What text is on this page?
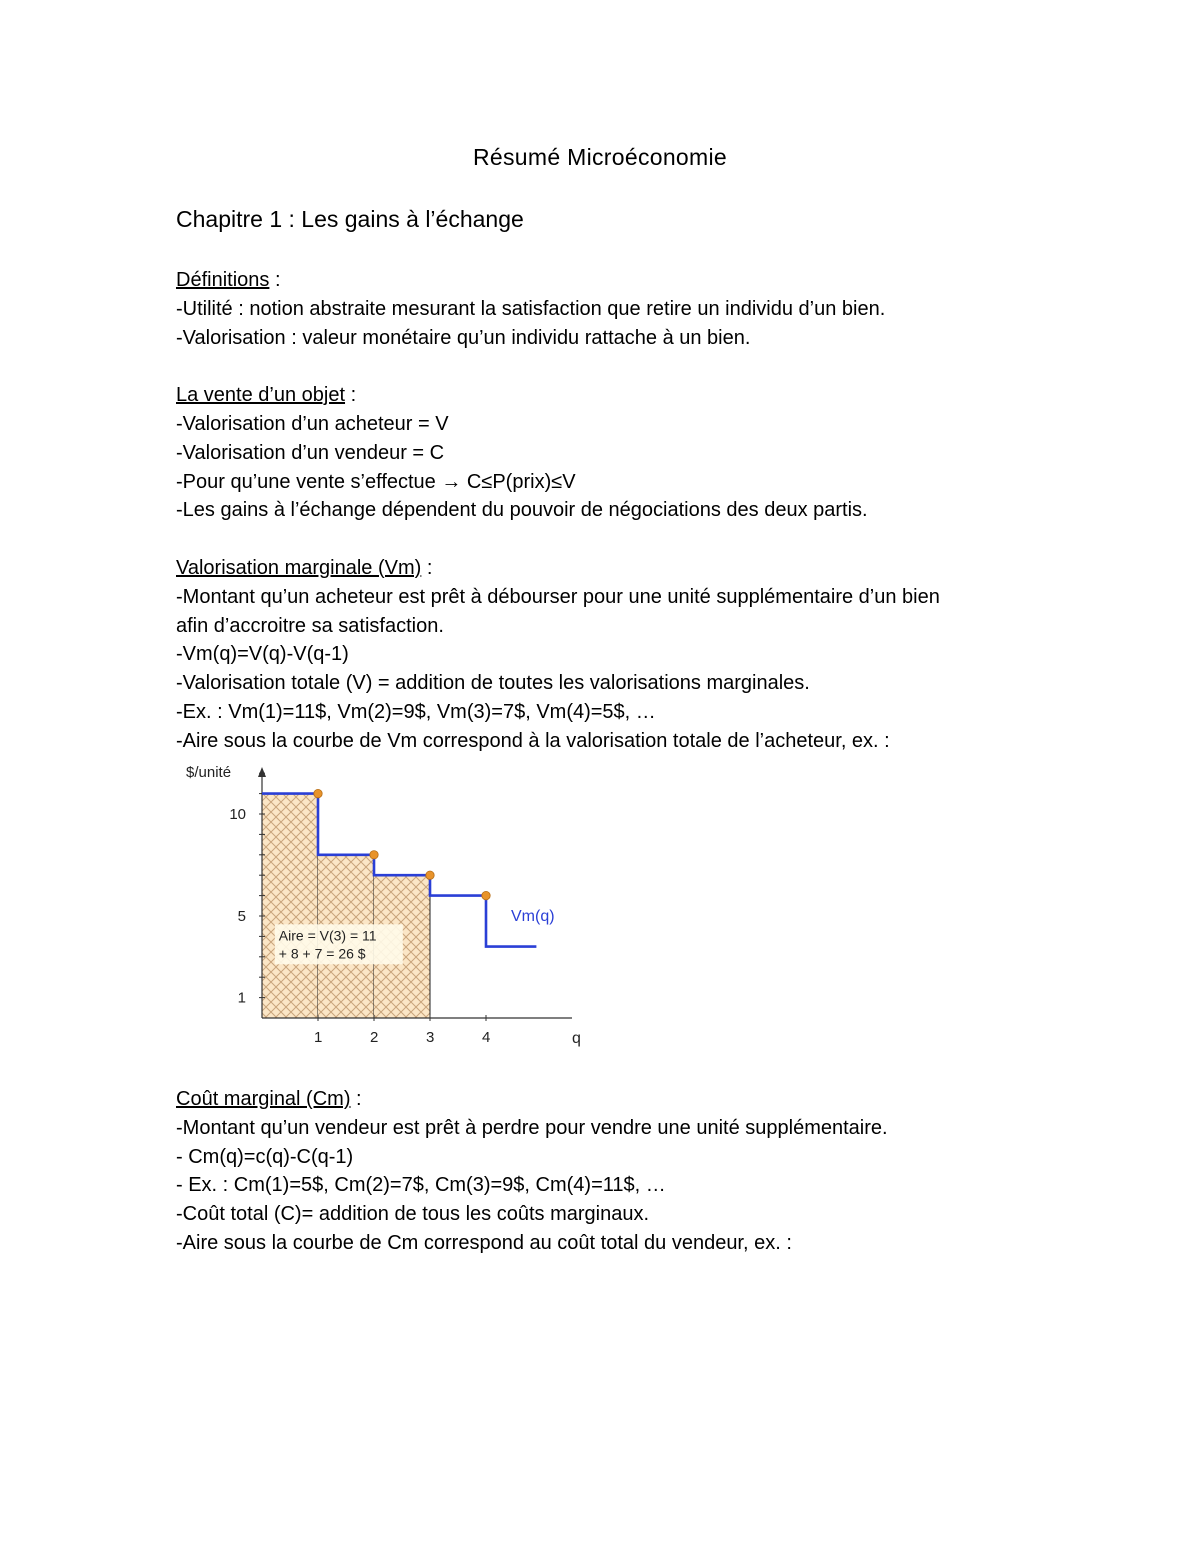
Résumé Microéconomie
Chapitre 1 : Les gains à l’échange
Définitions :
-Utilité : notion abstraite mesurant la satisfaction que retire un individu d’un bien.
-Valorisation : valeur monétaire qu’un individu rattache à un bien.
La vente d’un objet :
-Valorisation d’un acheteur = V
-Valorisation d’un vendeur = C
-Pour qu’une vente s’effectue → C≤P(prix)≤V
-Les gains à l’échange dépendent du pouvoir de négociations des deux partis.
Valorisation marginale (Vm) :
-Montant qu’un acheteur est prêt à débourser pour une unité supplémentaire d’un bien
afin d’accroitre sa satisfaction.
-Vm(q)=V(q)-V(q-1)
-Valorisation totale (V) = addition de toutes les valorisations marginales.
-Ex. : Vm(1)=11$, Vm(2)=9$, Vm(3)=7$, Vm(4)=5$, …
-Aire sous la courbe de Vm correspond à la valorisation totale de l’acheteur, ex. :
$/unité
q
1	2	3	4
1
5
10
Vm(q)
Aire = V(3) = 11
+ 8 + 7 = 26 $
Coût marginal (Cm) :
-Montant qu’un vendeur est prêt à perdre pour vendre une unité supplémentaire.
- Cm(q)=c(q)-C(q-1)
- Ex. : Cm(1)=5$, Cm(2)=7$, Cm(3)=9$, Cm(4)=11$, …
-Coût total (C)= addition de tous les coûts marginaux.
-Aire sous la courbe de Cm correspond au coût total du vendeur, ex. :
